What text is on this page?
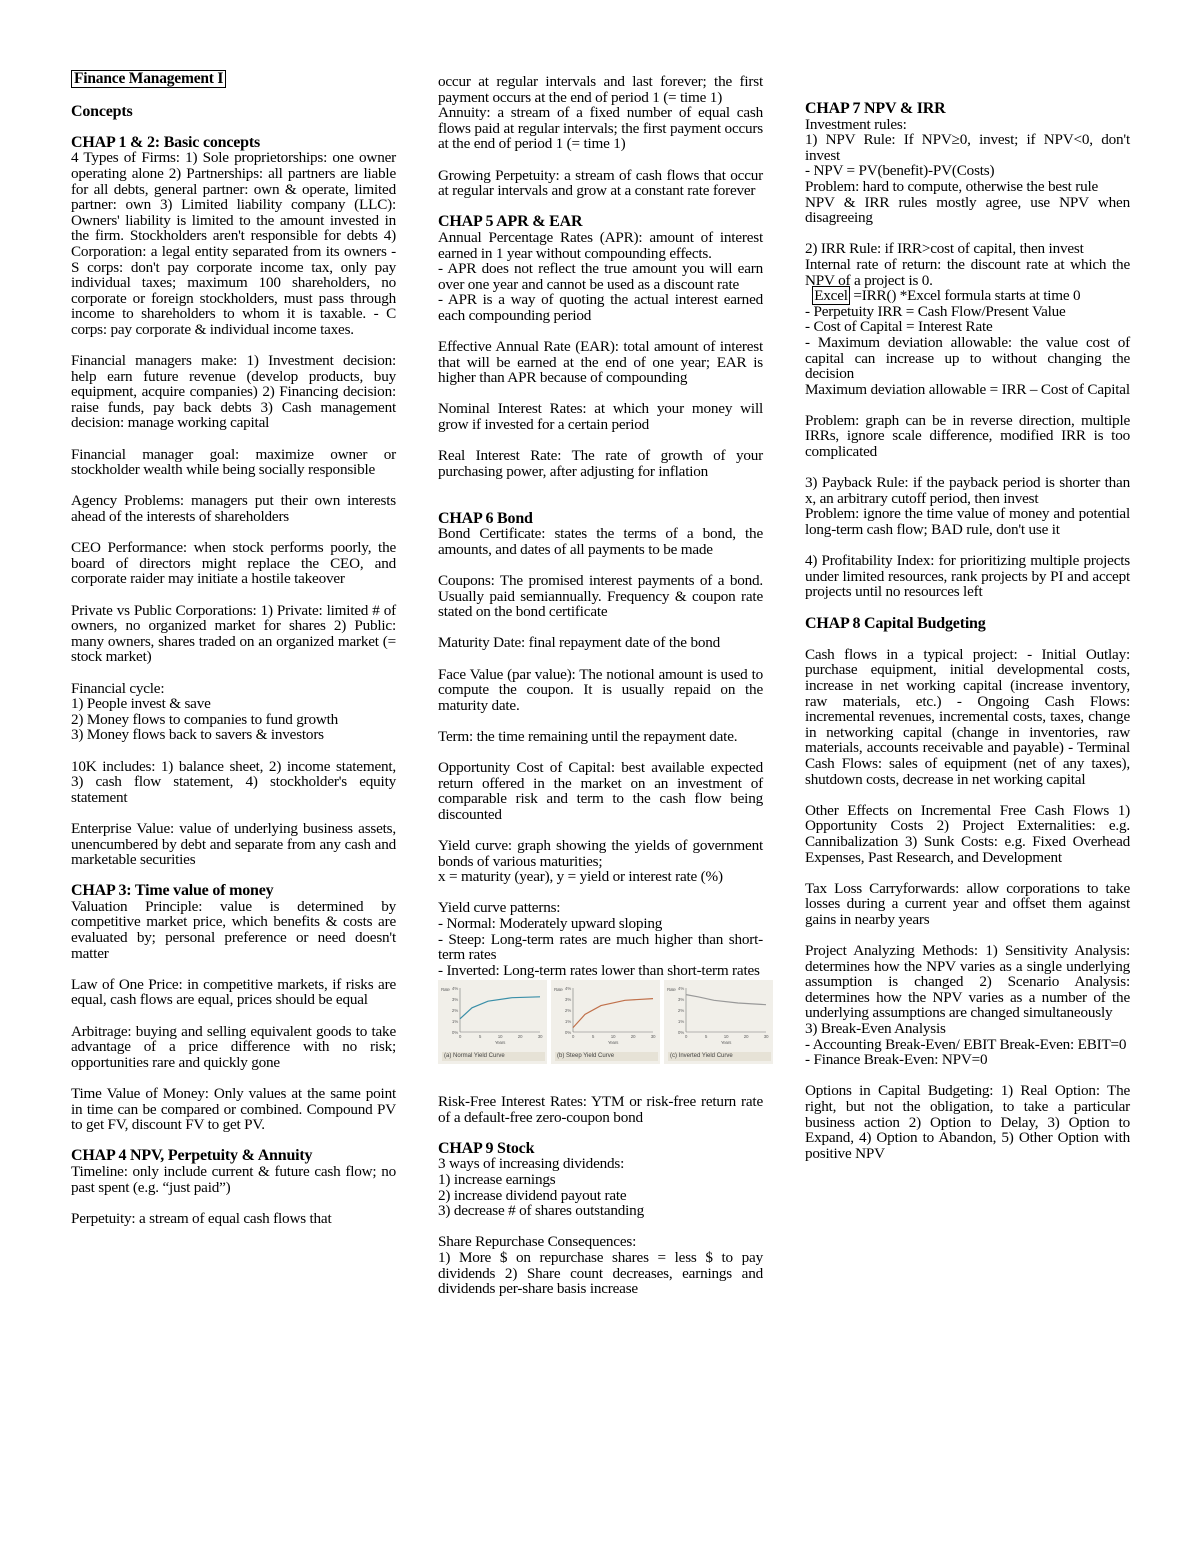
Finance Management I
Concepts
CHAP 1 & 2: Basic concepts
4 Types of Firms: 1) Sole proprietorships: one owner operating alone 2) Partnerships: all partners are liable for all debts, general partner: own & operate, limited partner: own 3) Limited liability company (LLC): Owners' liability is limited to the amount invested in the firm. Stockholders aren't responsible for debts 4) Corporation: a legal entity separated from its owners - S corps: don't pay corporate income tax, only pay individual taxes; maximum 100 shareholders, no corporate or foreign stockholders, must pass through income to shareholders to whom it is taxable. - C corps: pay corporate & individual income taxes.
Financial managers make: 1) Investment decision: help earn future revenue (develop products, buy equipment, acquire companies) 2) Financing decision: raise funds, pay back debts 3) Cash management decision: manage working capital
Financial manager goal: maximize owner or stockholder wealth while being socially responsible
Agency Problems: managers put their own interests ahead of the interests of shareholders
CEO Performance: when stock performs poorly, the board of directors might replace the CEO, and corporate raider may initiate a hostile takeover
Private vs Public Corporations: 1) Private: limited # of owners, no organized market for shares 2) Public: many owners, shares traded on an organized market (= stock market)
Financial cycle:
1) People invest & save
2) Money flows to companies to fund growth
3) Money flows back to savers & investors
10K includes: 1) balance sheet, 2) income statement, 3) cash flow statement, 4) stockholder's equity statement
Enterprise Value: value of underlying business assets, unencumbered by debt and separate from any cash and marketable securities
CHAP 3: Time value of money
Valuation Principle: value is determined by competitive market price, which benefits & costs are evaluated by; personal preference or need doesn't matter
Law of One Price: in competitive markets, if risks are equal, cash flows are equal, prices should be equal
Arbitrage: buying and selling equivalent goods to take advantage of a price difference with no risk; opportunities rare and quickly gone
Time Value of Money: Only values at the same point in time can be compared or combined. Compound PV to get FV, discount FV to get PV.
CHAP 4 NPV, Perpetuity & Annuity
Timeline: only include current & future cash flow; no past spent (e.g. “just paid”)
Perpetuity: a stream of equal cash flows that
occur at regular intervals and last forever; the first payment occurs at the end of period 1 (= time 1)
Annuity: a stream of a fixed number of equal cash flows paid at regular intervals; the first payment occurs at the end of period 1 (= time 1)
Growing Perpetuity: a stream of cash flows that occur at regular intervals and grow at a constant rate forever
CHAP 5 APR & EAR
Annual Percentage Rates (APR): amount of interest earned in 1 year without compounding effects.
- APR does not reflect the true amount you will earn over one year and cannot be used as a discount rate
- APR is a way of quoting the actual interest earned each compounding period
Effective Annual Rate (EAR): total amount of interest that will be earned at the end of one year; EAR is higher than APR because of compounding
Nominal Interest Rates: at which your money will grow if invested for a certain period
Real Interest Rate: The rate of growth of your purchasing power, after adjusting for inflation
CHAP 6 Bond
Bond Certificate: states the terms of a bond, the amounts, and dates of all payments to be made
Coupons: The promised interest payments of a bond. Usually paid semiannually. Frequency & coupon rate stated on the bond certificate
Maturity Date: final repayment date of the bond
Face Value (par value): The notional amount is used to compute the coupon. It is usually repaid on the maturity date.
Term: the time remaining until the repayment date.
Opportunity Cost of Capital: best available expected return offered in the market on an investment of comparable risk and term to the cash flow being discounted
Yield curve: graph showing the yields of government bonds of various maturities;
x = maturity (year), y = yield or interest rate (%)
Yield curve patterns:
- Normal: Moderately upward sloping
- Steep: Long-term rates are much higher than short-term rates
- Inverted: Long-term rates lower than short-term rates
4%
3%
2%
1%
0%
0	5	10	20	30
Years
Rate
(a) Normal Yield Curve
4%
3%
2%
1%
0%
0	5	10	20	30
Years
Rate
(b) Steep Yield Curve
4%
3%
2%
1%
0%
0	5	10	20	30
Years
Rate
(c) Inverted Yield Curve
Risk-Free Interest Rates: YTM or risk-free return rate of a default-free zero-coupon bond
CHAP 9 Stock
3 ways of increasing dividends:
1) increase earnings
2) increase dividend payout rate
3) decrease # of shares outstanding
Share Repurchase Consequences:
1) More $ on repurchase shares = less $ to pay dividends 2) Share count decreases, earnings and dividends per-share basis increase
CHAP 7 NPV & IRR
Investment rules:
1) NPV Rule: If NPV≥0, invest; if NPV<0, don't invest
- NPV = PV(benefit)-PV(Costs)
Problem: hard to compute, otherwise the best rule
NPV & IRR rules mostly agree, use NPV when disagreeing
2) IRR Rule: if IRR>cost of capital, then invest
Internal rate of return: the discount rate at which the NPV of a project is 0.
Excel =IRR() *Excel formula starts at time 0
- Perpetuity IRR = Cash Flow/Present Value
- Cost of Capital = Interest Rate
- Maximum deviation allowable: the value cost of capital can increase up to without changing the decision
Maximum deviation allowable = IRR – Cost of Capital
Problem: graph can be in reverse direction, multiple IRRs, ignore scale difference, modified IRR is too complicated
3) Payback Rule: if the payback period is shorter than x, an arbitrary cutoff period, then invest
Problem: ignore the time value of money and potential long-term cash flow; BAD rule, don't use it
4) Profitability Index: for prioritizing multiple projects under limited resources, rank projects by PI and accept projects until no resources left
CHAP 8 Capital Budgeting
Cash flows in a typical project: - Initial Outlay: purchase equipment, initial developmental costs, increase in net working capital (increase inventory, raw materials, etc.) - Ongoing Cash Flows: incremental revenues, incremental costs, taxes, change in networking capital (change in inventories, raw materials, accounts receivable and payable) - Terminal Cash Flows: sales of equipment (net of any taxes), shutdown costs, decrease in net working capital
Other Effects on Incremental Free Cash Flows 1) Opportunity Costs 2) Project Externalities: e.g. Cannibalization 3) Sunk Costs: e.g. Fixed Overhead Expenses, Past Research, and Development
Tax Loss Carryforwards: allow corporations to take losses during a current year and offset them against gains in nearby years
Project Analyzing Methods: 1) Sensitivity Analysis: determines how the NPV varies as a single underlying assumption is changed 2) Scenario Analysis: determines how the NPV varies as a number of the underlying assumptions are changed simultaneously
3) Break-Even Analysis
- Accounting Break-Even/ EBIT Break-Even: EBIT=0
- Finance Break-Even: NPV=0
Options in Capital Budgeting: 1) Real Option: The right, but not the obligation, to take a particular business action 2) Option to Delay, 3) Option to Expand, 4) Option to Abandon, 5) Other Option with positive NPV
